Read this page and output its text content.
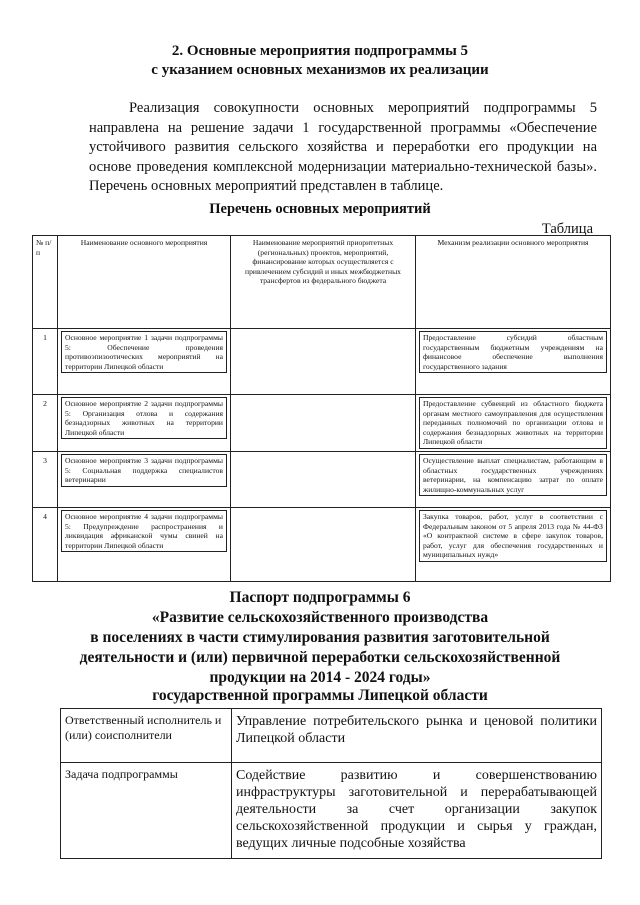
2. Основные мероприятия подпрограммы 5

с указанием основных механизмов их реализации

Реализация совокупности основных мероприятий подпрограммы 5 направлена на решение задачи 1 государственной программы «Обеспечение устойчивого развития сельского хозяйства и переработки его продукции на основе проведения комплексной модернизации материально-технической базы». Перечень основных мероприятий представлен в таблице.

Перечень основных мероприятий

Таблица

№ п/п	Наименование основного мероприятия	Наименование мероприятий приоритетных (региональных) проектов, мероприятий, финансирование которых осуществляется с привлечением субсидий и иных межбюджетных трансфертов из федерального бюджета	Механизм реализации основного мероприятия
1	Основное мероприятие 1 задачи подпрограммы 5: Обеспечение проведения противоэпизоотических мероприятий на территории Липецкой области		Предоставление субсидий областным государственным бюджетным учреждениям на финансовое обеспечение выполнения государственного задания

2	Основное мероприятие 2 задачи подпрограммы 5: Организация отлова и содержания безнадзорных животных на территории Липецкой области		Предоставление субвенций из областного бюджета органам местного самоуправления для осуществления переданных полномочий по организации отлова и содержания безнадзорных животных на территории Липецкой области

3	Основное мероприятие 3 задачи подпрограммы 5: Социальная поддержка специалистов ветеринарии		Осуществление выплат специалистам, работающим в областных государственных учреждениях ветеринарии, на компенсацию затрат по оплате жилищно-коммунальных услуг

4	Основное мероприятие 4 задачи подпрограммы 5: Предупреждение распространения и ликвидация африканской чумы свиней на территории Липецкой области		Закупка товаров, работ, услуг в соответствии с Федеральным законом от 5 апреля 2013 года № 44-ФЗ «О контрактной системе в сфере закупок товаров, работ, услуг для обеспечения государственных и муниципальных нужд»

Паспорт подпрограммы 6

«Развитие сельскохозяйственного производства

в поселениях в части стимулирования развития заготовительной

деятельности и (или) первичной переработки сельскохозяйственной

продукции на 2014 - 2024 годы»

государственной программы Липецкой области

Ответственный исполнитель и (или) соисполнители	Управление потребительского рынка и ценовой политики Липецкой области
Задача подпрограммы	Содействие развитию и совершенствованию инфраструктуры заготовительной и перерабатывающей деятельности за счет организации закупок сельскохозяйственной продукции и сырья у граждан, ведущих личные подсобные хозяйства
